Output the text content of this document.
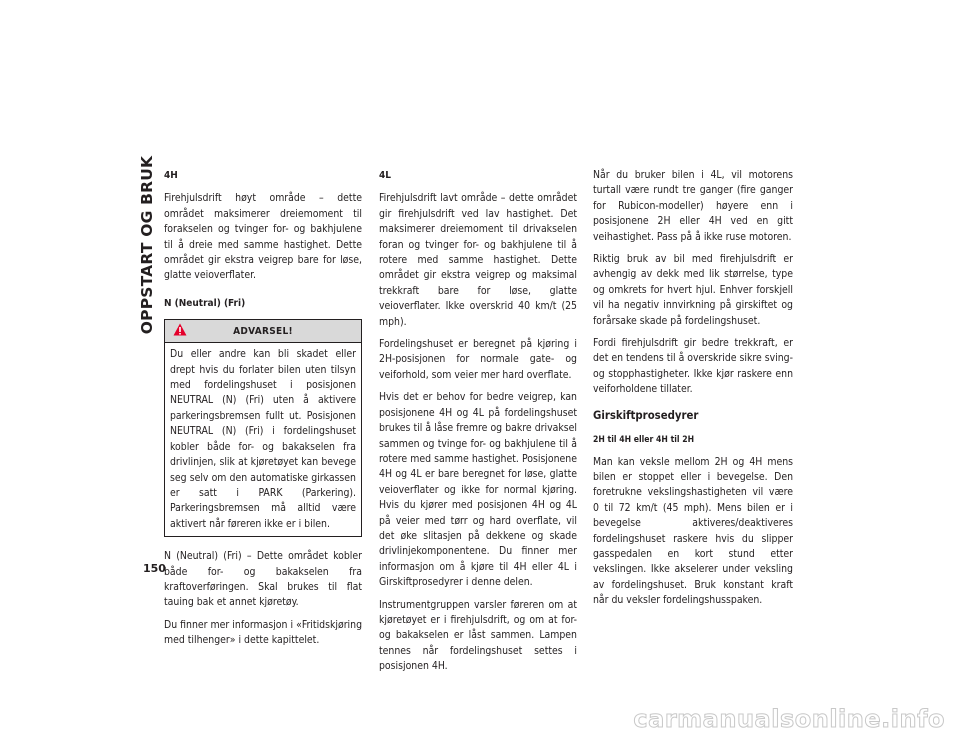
OPPSTART OG BRUK 4H

Firehjulsdrift høyt område – dette området maksimerer dreiemoment til forakselen og tvinger for- og bakhjulene til å dreie med samme hastighet. Dette området gir ekstra veigrep bare for løse, glatte veioverflater.

N (Neutral) (Fri)
ADVARSEL!
Du eller andre kan bli skadet eller drept hvis du forlater bilen uten tilsyn med fordelingshuset i posisjonen NEUTRAL (N) (Fri) uten å aktivere parkeringsbremsen fullt ut. Posisjonen NEUTRAL (N) (Fri) i fordelingshuset kobler både for- og bakakselen fra drivlinjen, slik at kjøretøyet kan bevege seg selv om den automatiske girkassen er satt i PARK (Parkering). Parkeringsbremsen må alltid være aktivert når føreren ikke er i bilen.

N (Neutral) (Fri) – Dette området kobler både for- og bakakselen fra kraftoverføringen. Skal brukes til flat tauing bak et annet kjøretøy.

Du finner mer informasjon i «Fritidskjøring med tilhenger» i dette kapittelet.

4L

Firehjulsdrift lavt område – dette området gir firehjulsdrift ved lav hastighet. Det maksimerer dreiemoment til drivakselen foran og tvinger for- og bakhjulene til å rotere med samme hastighet. Dette området gir ekstra veigrep og maksimal trekkraft bare for løse, glatte veioverflater. Ikke overskrid 40 km/t (25 mph).

Fordelingshuset er beregnet på kjøring i 2H-posisjonen for normale gate- og veiforhold, som veier mer hard overflate.

Hvis det er behov for bedre veigrep, kan posisjonene 4H og 4L på fordelingshuset brukes til å låse fremre og bakre drivaksel sammen og tvinge for- og bakhjulene til å rotere med samme hastighet. Posisjonene 4H og 4L er bare beregnet for løse, glatte veioverflater og ikke for normal kjøring. Hvis du kjører med posisjonen 4H og 4L på veier med tørr og hard overflate, vil det øke slitasjen på dekkene og skade drivlinjekomponentene. Du finner mer informasjon om å kjøre til 4H eller 4L i Girskiftprosedyrer i denne delen.

Instrumentgruppen varsler føreren om at kjøretøyet er i firehjulsdrift, og om at for- og bakakselen er låst sammen. Lampen tennes når fordelingshuset settes i posisjonen 4H.

Når du bruker bilen i 4L, vil motorens turtall være rundt tre ganger (fire ganger for Rubicon-modeller) høyere enn i posisjonene 2H eller 4H ved en gitt veihastighet. Pass på å ikke ruse motoren.

Riktig bruk av bil med firehjulsdrift er avhengig av dekk med lik størrelse, type og omkrets for hvert hjul. Enhver forskjell vil ha negativ innvirkning på girskiftet og forårsake skade på fordelingshuset.

Fordi firehjulsdrift gir bedre trekkraft, er det en tendens til å overskride sikre sving- og stopphastigheter. Ikke kjør raskere enn veiforholdene tillater.

Girskiftprosedyrer
2H til 4H eller 4H til 2H

Man kan veksle mellom 2H og 4H mens bilen er stoppet eller i bevegelse. Den foretrukne vekslingshastigheten vil være 0 til 72 km/t (45 mph). Mens bilen er i bevegelse aktiveres/deaktiveres fordelingshuset raskere hvis du slipper gasspedalen en kort stund etter vekslingen. Ikke akselerer under veksling av fordelingshuset. Bruk konstant kraft når du veksler fordelingshusspaken.

150
carmanualsonline.info
